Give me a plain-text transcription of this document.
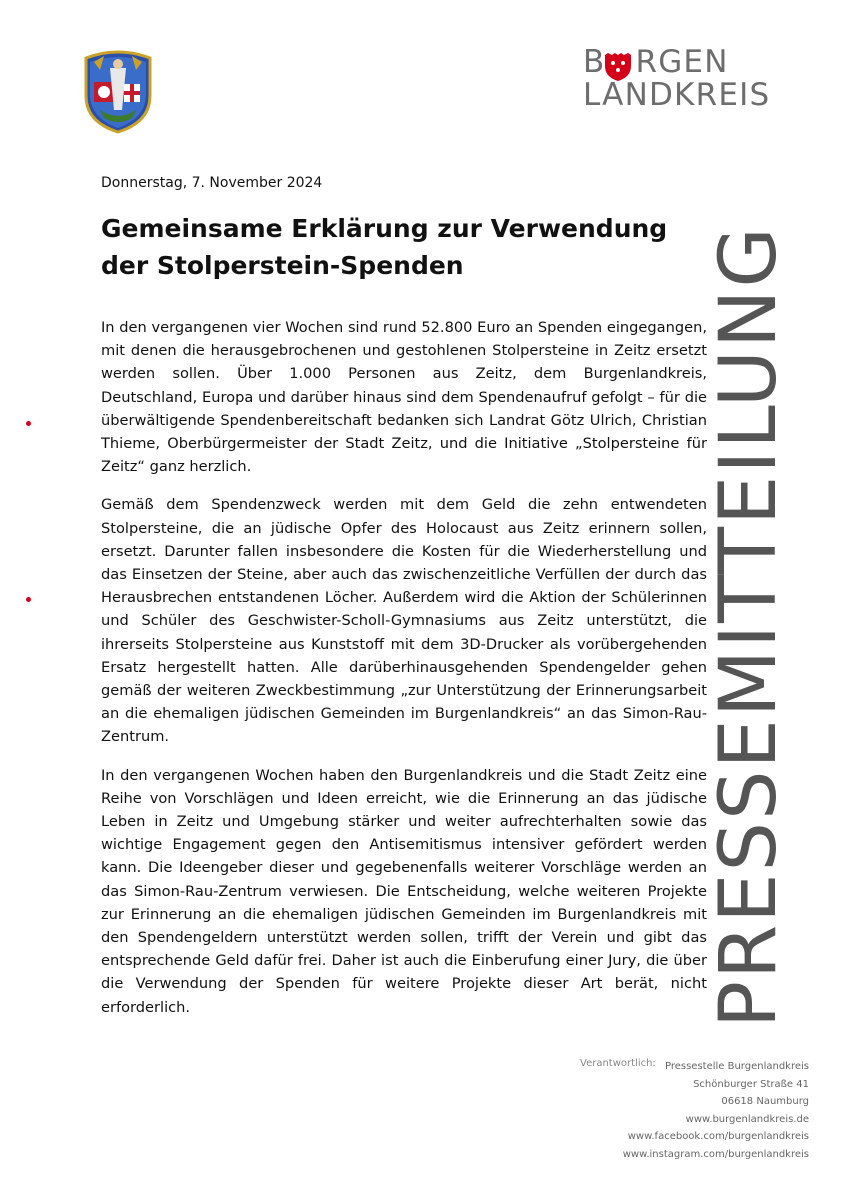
B RGEN
LANDKREIS
Donnerstag, 7. November 2024
Gemeinsame Erklärung zur Verwendung der Stolperstein-Spenden

In den vergangenen vier Wochen sind rund 52.800 Euro an Spenden eingegangen, mit denen die herausgebrochenen und gestohlenen Stolpersteine in Zeitz ersetzt werden sollen. Über 1.000 Personen aus Zeitz, dem Burgenlandkreis, Deutschland, Europa und darüber hinaus sind dem Spendenaufruf gefolgt – für die überwältigende Spendenbereitschaft bedanken sich Landrat Götz Ulrich, Christian Thieme, Oberbürgermeister der Stadt Zeitz, und die Initiative „Stolpersteine für Zeitz“ ganz herzlich.

Gemäß dem Spendenzweck werden mit dem Geld die zehn entwendeten Stolpersteine, die an jüdische Opfer des Holocaust aus Zeitz erinnern sollen, ersetzt. Darunter fallen insbesondere die Kosten für die Wiederherstellung und das Einsetzen der Steine, aber auch das zwischenzeitliche Verfüllen der durch das Herausbrechen entstandenen Löcher. Außerdem wird die Aktion der Schülerinnen und Schüler des Geschwister-Scholl-Gymnasiums aus Zeitz unterstützt, die ihrerseits Stolpersteine aus Kunststoff mit dem 3D-Drucker als vorübergehenden Ersatz hergestellt hatten. Alle darüberhinausgehenden Spendengelder gehen gemäß der weiteren Zweckbestimmung „zur Unterstützung der Erinnerungsarbeit an die ehemaligen jüdischen Gemeinden im Burgenlandkreis“ an das Simon-Rau-Zentrum.

In den vergangenen Wochen haben den Burgenlandkreis und die Stadt Zeitz eine Reihe von Vorschlägen und Ideen erreicht, wie die Erinnerung an das jüdische Leben in Zeitz und Umgebung stärker und weiter aufrechterhalten sowie das wichtige Engagement gegen den Antisemitismus intensiver gefördert werden kann. Die Ideengeber dieser und gegebenenfalls weiterer Vorschläge werden an das Simon-Rau-Zentrum verwiesen. Die Entscheidung, welche weiteren Projekte zur Erinnerung an die ehemaligen jüdischen Gemeinden im Burgenlandkreis mit den Spendengeldern unterstützt werden sollen, trifft der Verein und gibt das entsprechende Geld dafür frei. Daher ist auch die Einberufung einer Jury, die über die Verwendung der Spenden für weitere Projekte dieser Art berät, nicht erforderlich.	PRESSEMITTEILUNG
Verantwortlich: Pressestelle Burgenlandkreis
Schönburger Straße 41
06618 Naumburg
www.burgenlandkreis.de
www.facebook.com/burgenlandkreis
www.instagram.com/burgenlandkreis
